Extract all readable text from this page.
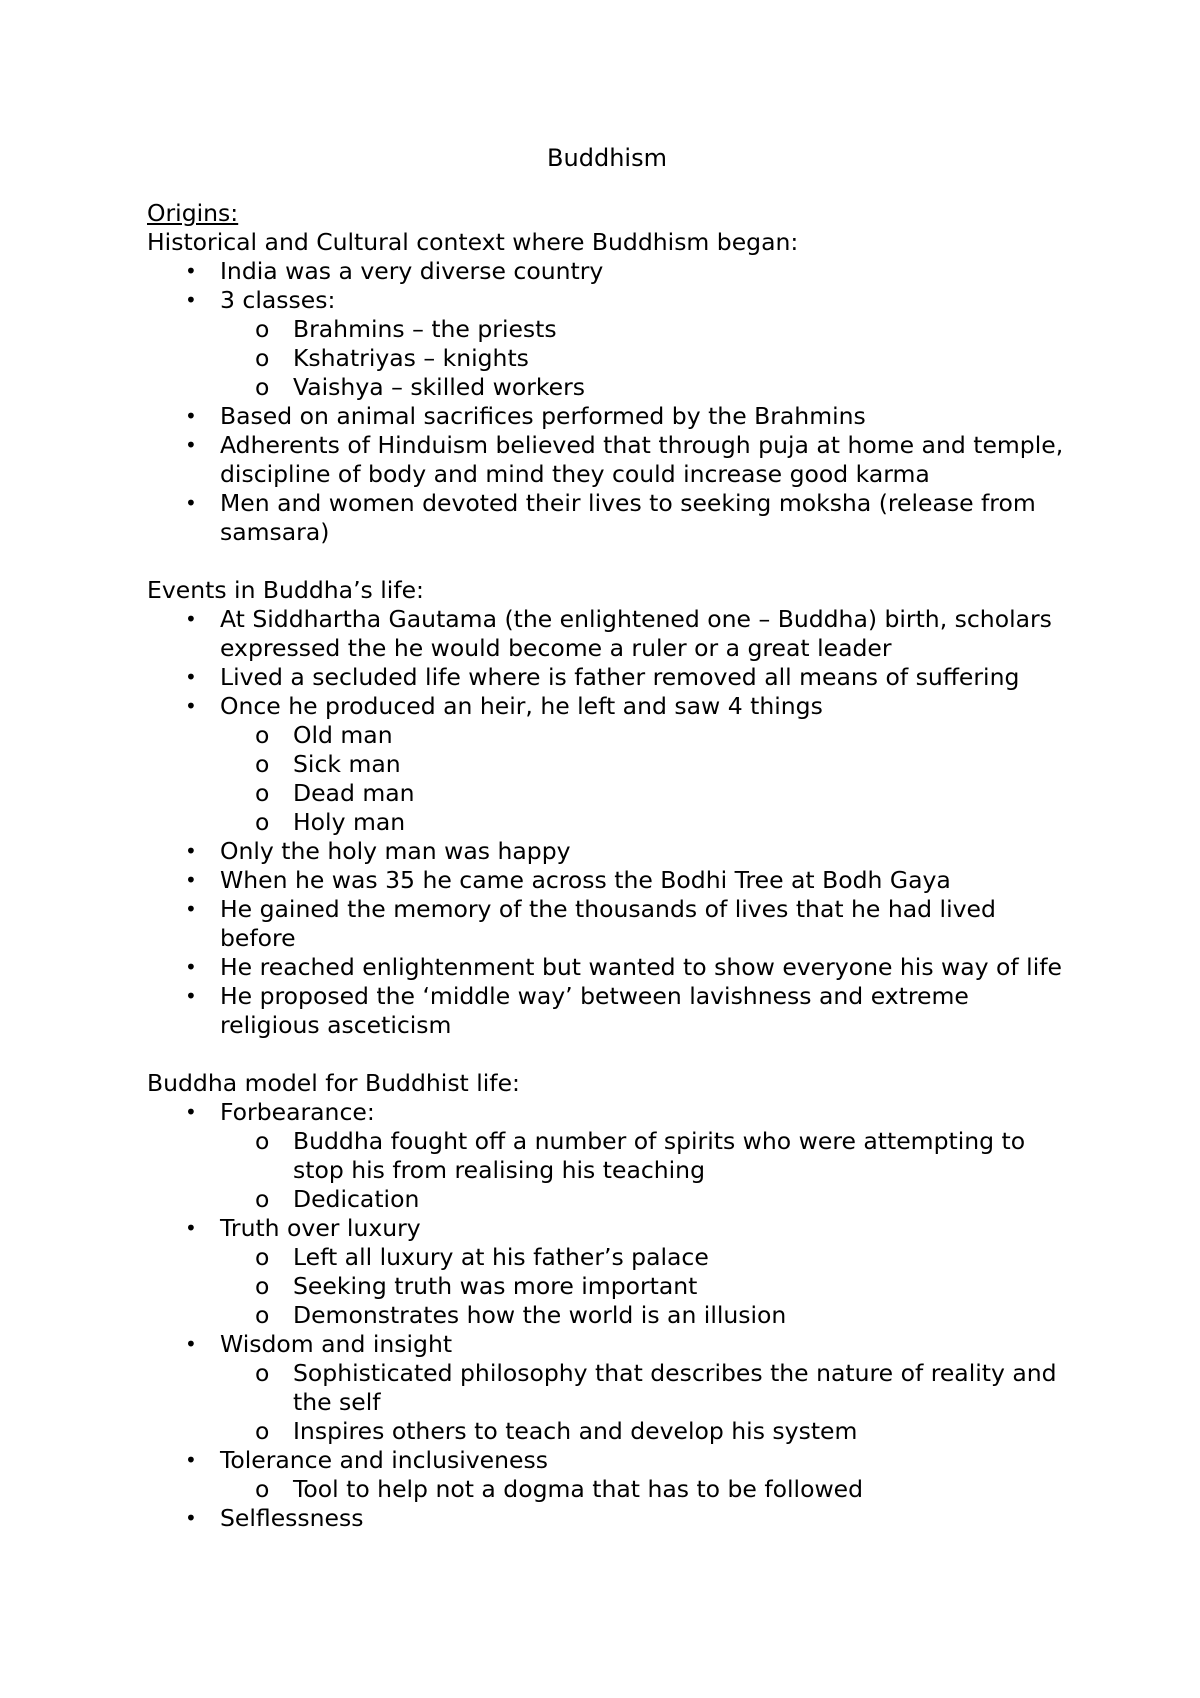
Buddhism
Origins:
Historical and Cultural context where Buddhism began:
• India was a very diverse country
• 3 classes:
o Brahmins – the priests
o Kshatriyas – knights
o Vaishya – skilled workers
• Based on animal sacrifices performed by the Brahmins
• Adherents of Hinduism believed that through puja at home and temple, discipline of body and mind they could increase good karma
• Men and women devoted their lives to seeking moksha (release from samsara)
Events in Buddha’s life:
• At Siddhartha Gautama (the enlightened one – Buddha) birth, scholars expressed the he would become a ruler or a great leader
• Lived a secluded life where is father removed all means of suffering
• Once he produced an heir, he left and saw 4 things
o Old man
o Sick man
o Dead man
o Holy man
• Only the holy man was happy
• When he was 35 he came across the Bodhi Tree at Bodh Gaya
• He gained the memory of the thousands of lives that he had lived before
• He reached enlightenment but wanted to show everyone his way of life
• He proposed the ‘middle way’ between lavishness and extreme religious asceticism
Buddha model for Buddhist life:
• Forbearance:
o Buddha fought off a number of spirits who were attempting to stop his from realising his teaching
o Dedication
• Truth over luxury
o Left all luxury at his father’s palace
o Seeking truth was more important
o Demonstrates how the world is an illusion
• Wisdom and insight
o Sophisticated philosophy that describes the nature of reality and the self
o Inspires others to teach and develop his system
• Tolerance and inclusiveness
o Tool to help not a dogma that has to be followed
• Selflessness
